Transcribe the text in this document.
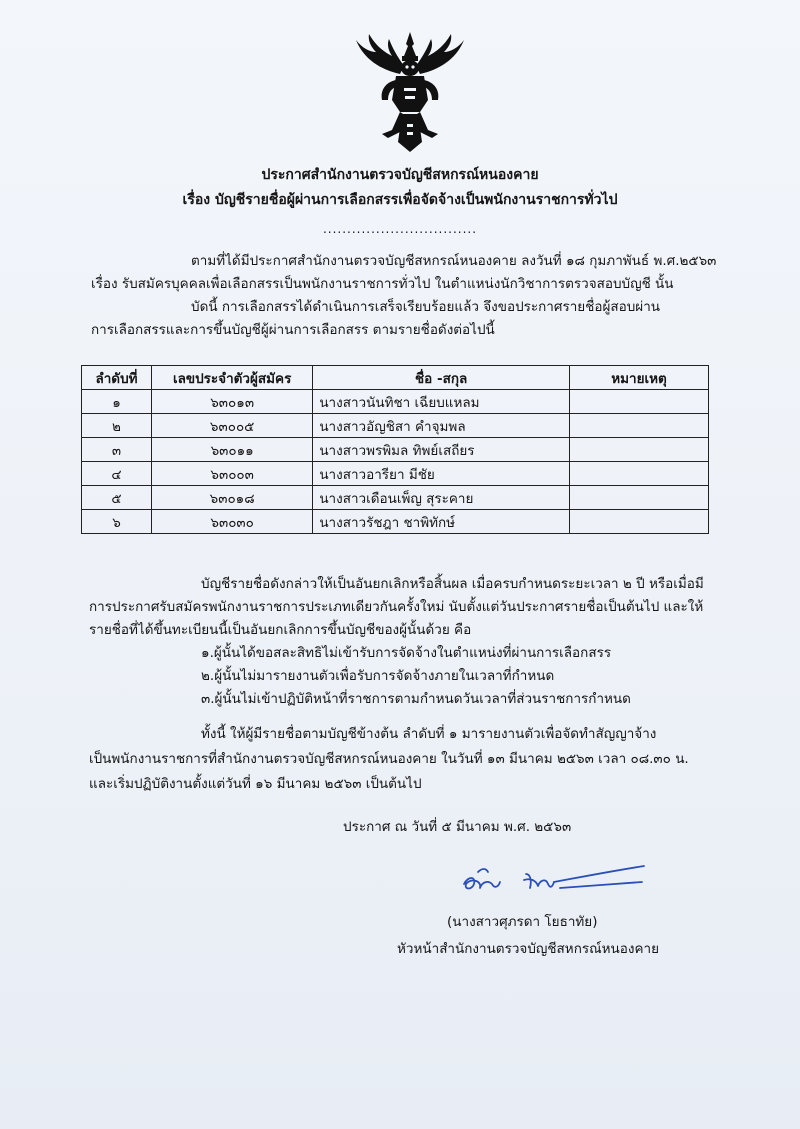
ประกาศสำนักงานตรวจบัญชีสหกรณ์หนองคาย
เรื่อง บัญชีรายชื่อผู้ผ่านการเลือกสรรเพื่อจัดจ้างเป็นพนักงานราชการทั่วไป
................................
ตามที่ได้มีประกาศสำนักงานตรวจบัญชีสหกรณ์หนองคาย ลงวันที่ ๑๘ กุมภาพันธ์ พ.ศ.๒๕๖๓
เรื่อง รับสมัครบุคคลเพื่อเลือกสรรเป็นพนักงานราชการทั่วไป ในตำแหน่งนักวิชาการตรวจสอบบัญชี นั้น
บัดนี้ การเลือกสรรได้ดำเนินการเสร็จเรียบร้อยแล้ว จึงขอประกาศรายชื่อผู้สอบผ่าน
การเลือกสรรและการขึ้นบัญชีผู้ผ่านการเลือกสรร ตามรายชื่อดังต่อไปนี้
ลำดับที่	เลขประจำตัวผู้สมัคร	ชื่อ -สกุล	หมายเหตุ
๑	๖๓๐๑๓	นางสาวนันทิชา เฉียบแหลม	
๒	๖๓๐๐๕	นางสาวอัญชิสา คำจุมพล	
๓	๖๓๐๑๑	นางสาวพรพิมล ทิพย์เสถียร	
๔	๖๓๐๐๓	นางสาวอารียา มีชัย	
๕	๖๓๐๑๘	นางสาวเดือนเพ็ญ สุระคาย	
๖	๖๓๐๓๐	นางสาวรัชฎา ชาพิทักษ์	
บัญชีรายชื่อดังกล่าวให้เป็นอันยกเลิกหรือสิ้นผล เมื่อครบกำหนดระยะเวลา ๒ ปี หรือเมื่อมี
การประกาศรับสมัครพนักงานราชการประเภทเดียวกันครั้งใหม่ นับตั้งแต่วันประกาศรายชื่อเป็นต้นไป และให้
รายชื่อที่ได้ขึ้นทะเบียนนี้เป็นอันยกเลิกการขึ้นบัญชีของผู้นั้นด้วย คือ
๑.ผู้นั้นได้ขอสละสิทธิไม่เข้ารับการจัดจ้างในตำแหน่งที่ผ่านการเลือกสรร
๒.ผู้นั้นไม่มารายงานตัวเพื่อรับการจัดจ้างภายในเวลาที่กำหนด
๓.ผู้นั้นไม่เข้าปฏิบัติหน้าที่ราชการตามกำหนดวันเวลาที่ส่วนราชการกำหนด
ทั้งนี้ ให้ผู้มีรายชื่อตามบัญชีข้างต้น ลำดับที่ ๑ มารายงานตัวเพื่อจัดทำสัญญาจ้าง
เป็นพนักงานราชการที่สำนักงานตรวจบัญชีสหกรณ์หนองคาย ในวันที่ ๑๓ มีนาคม ๒๕๖๓ เวลา ๐๘.๓๐ น.
และเริ่มปฏิบัติงานตั้งแต่วันที่ ๑๖ มีนาคม ๒๕๖๓ เป็นต้นไป
ประกาศ ณ วันที่ ๕ มีนาคม พ.ศ. ๒๕๖๓
(นางสาวศุภรดา โยธาทัย)
หัวหน้าสำนักงานตรวจบัญชีสหกรณ์หนองคาย
